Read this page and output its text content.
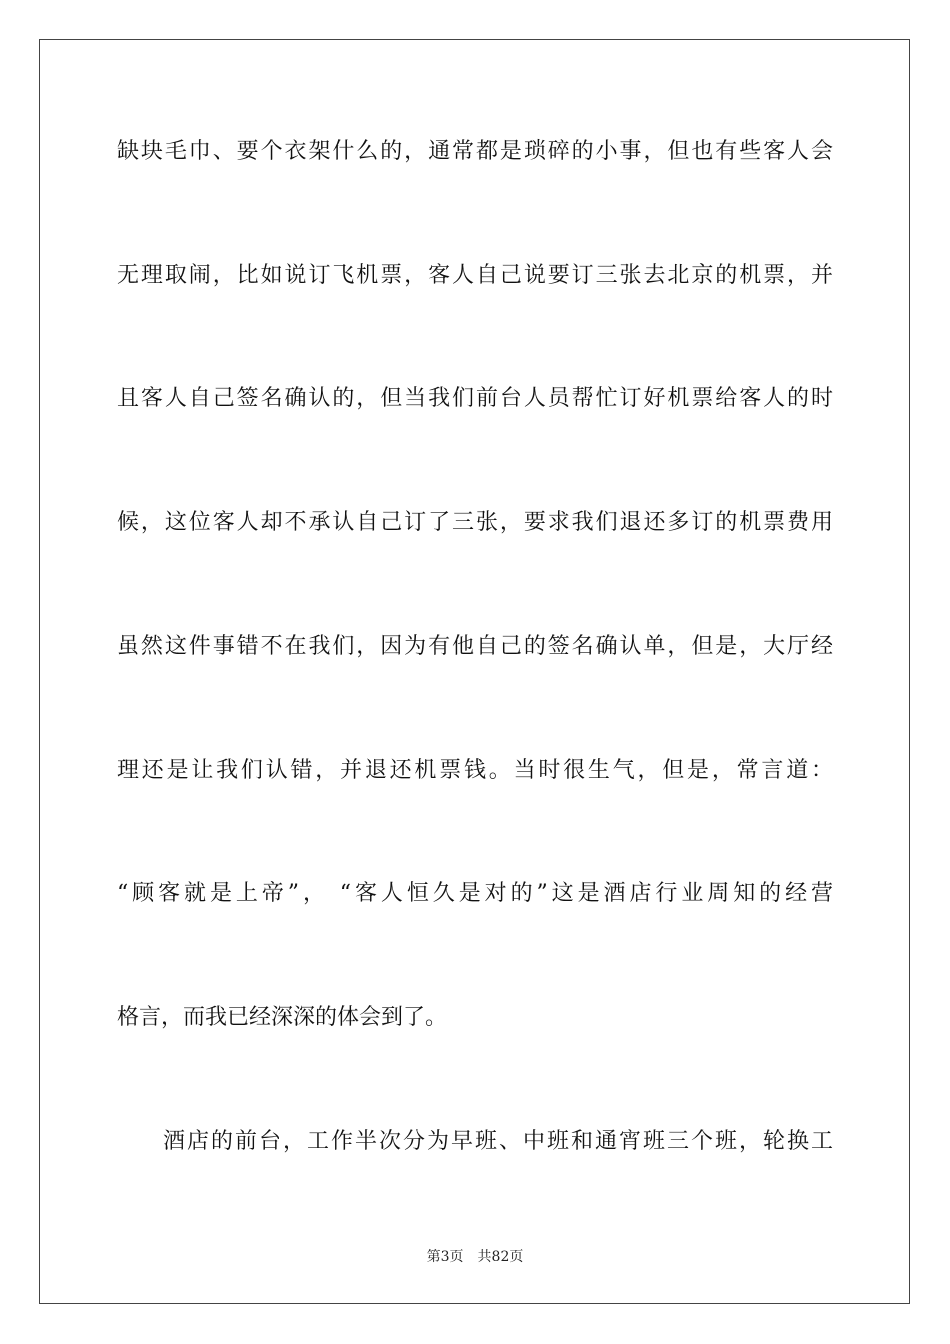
缺块毛巾、要个衣架什么的，通常都是琐碎的小事，但也有些客人会
无理取闹，比如说订飞机票，客人自己说要订三张去北京的机票，并
且客人自己签名确认的，但当我们前台人员帮忙订好机票给客人的时
候，这位客人却不承认自己订了三张，要求我们退还多订的机票费用
虽然这件事错不在我们，因为有他自己的签名确认单，但是，大厅经
理还是让我们认错，并退还机票钱。当时很生气，但是，常言道：
“顾客就是上帝”， “客人恒久是对的”这是酒店行业周知的经营
格言，而我已经深深的体会到了。
酒店的前台，工作半次分为早班、中班和通宵班三个班，轮换工
第3页 共82页
